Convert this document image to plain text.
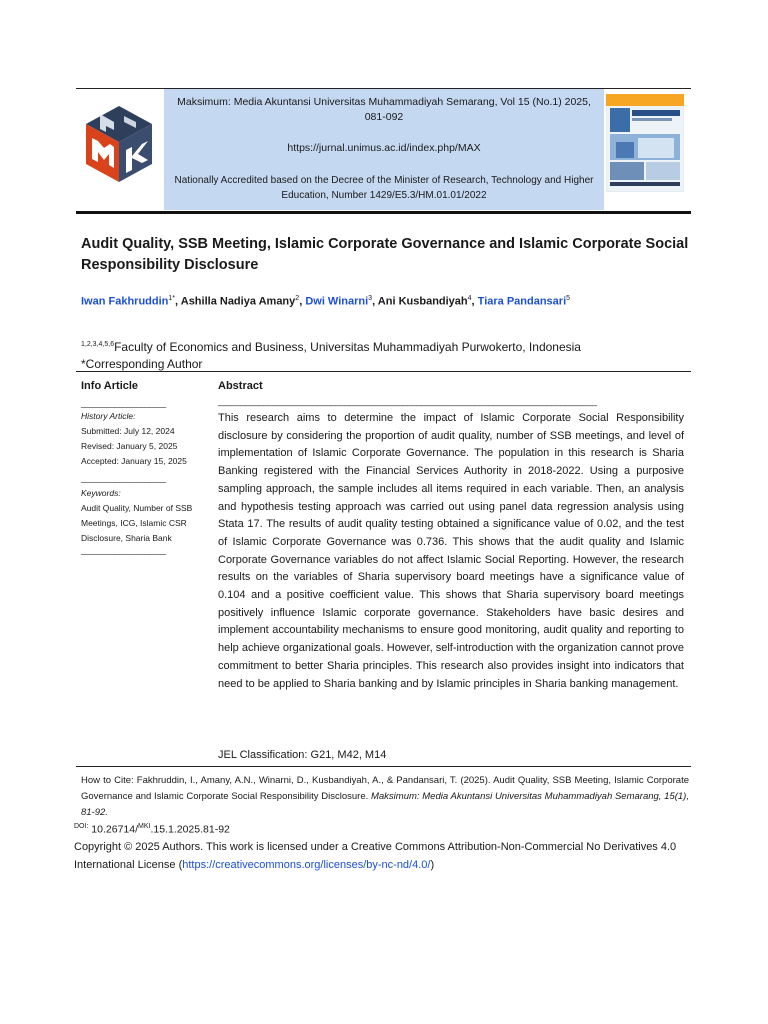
Maksimum: Media Akuntansi Universitas Muhammadiyah Semarang, Vol 15 (No.1) 2025, 081-092
https://jurnal.unimus.ac.id/index.php/MAX
Nationally Accredited based on the Decree of the Minister of Research, Technology and Higher Education, Number 1429/E5.3/HM.01.01/2022
Audit Quality, SSB Meeting, Islamic Corporate Governance and Islamic Corporate Social Responsibility Disclosure
Iwan Fakhruddin$^{1*}$, Ashilla Nadiya Amany$^2$, Dwi Winarni$^3$, Ani Kusbandiyah$^4$, Tiara Pandansari$^5$
$^{1,2,3,4,5,6}$Faculty of Economics and Business, Universitas Muhammadiyah Purwokerto, Indonesia
*Corresponding Author
Info Article	Abstract
____________________
History Article:
Submitted: July 12, 2024
Revised: January 5, 2025
Accepted: January 15, 2025
____________________
Keywords:
Audit Quality, Number of SSB Meetings, ICG, Islamic CSR Disclosure, Sharia Bank
____________________
____________________________________________________________________________________
This research aims to determine the impact of Islamic Corporate Social Responsibility disclosure by considering the proportion of audit quality, number of SSB meetings, and level of implementation of Islamic Corporate Governance. The population in this research is Sharia Banking registered with the Financial Services Authority in 2018-2022. Using a purposive sampling approach, the sample includes all items required in each variable. Then, an analysis and hypothesis testing approach was carried out using panel data regression analysis using Stata 17. The results of audit quality testing obtained a significance value of 0.02, and the test of Islamic Corporate Governance was 0.736. This shows that the audit quality and Islamic Corporate Governance variables do not affect Islamic Social Reporting. However, the research results on the variables of Sharia supervisory board meetings have a significance value of 0.104 and a positive coefficient value. This shows that Sharia supervisory board meetings positively influence Islamic corporate governance. Stakeholders have basic desires and implement accountability mechanisms to ensure good monitoring, audit quality and reporting to help achieve organizational goals. However, self-introduction with the organization cannot prove commitment to better Sharia principles. This research also provides insight into indicators that need to be applied to Sharia banking and by Islamic principles in Sharia banking management.
JEL Classification: G21, M42, M14
How to Cite: Fakhruddin, I., Amany, A.N., Winarni, D., Kusbandiyah, A., & Pandansari, T. (2025). Audit Quality, SSB Meeting, Islamic Corporate Governance and Islamic Corporate Social Responsibility Disclosure. Maksimum: Media Akuntansi Universitas Muhammadiyah Semarang, 15(1), 81-92.
$^{DOI:}$ 10.26714/$^{MKI}$.15.1.2025.81-92
Copyright © 2025 Authors. This work is licensed under a Creative Commons Attribution-Non-Commercial No Derivatives 4.0 International License (https://creativecommons.org/licenses/by-nc-nd/4.0/)
